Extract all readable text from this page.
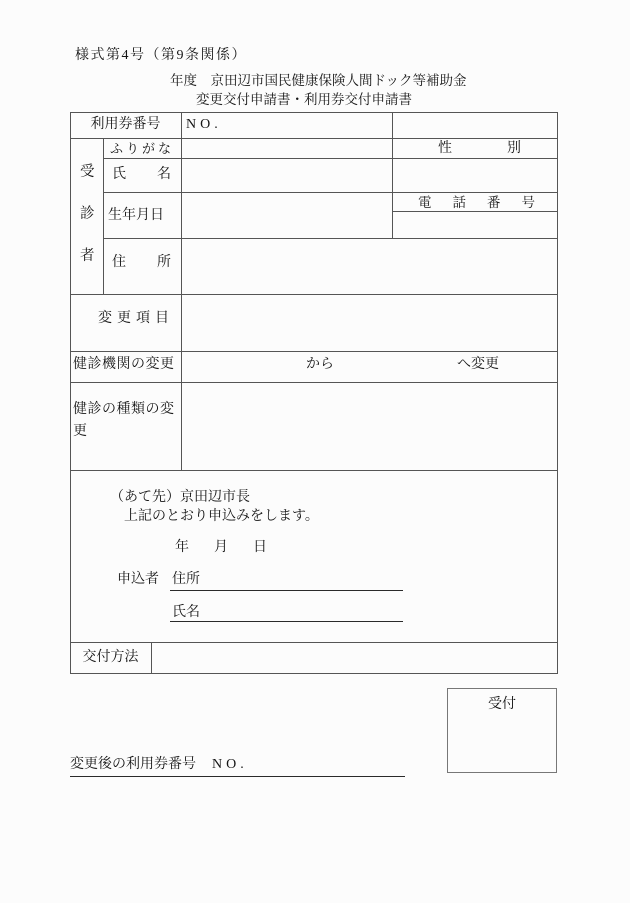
様式第4号（第9条関係）
年度　京田辺市国民健康保険人間ドック等補助金
変更交付申請書・利用券交付申請書
利用券番号 NO.
受
診
者
ふりがな
氏名
性別
生年月日
電話番号
住所
変更項目
健診機関の変更	から	へ変更
健診の種類の変更
（あて先）京田辺市長
上記のとおり申込みをします。
年月日
申込者 住所
氏名
交付方法
受付
変更後の利用券番号 NO.
